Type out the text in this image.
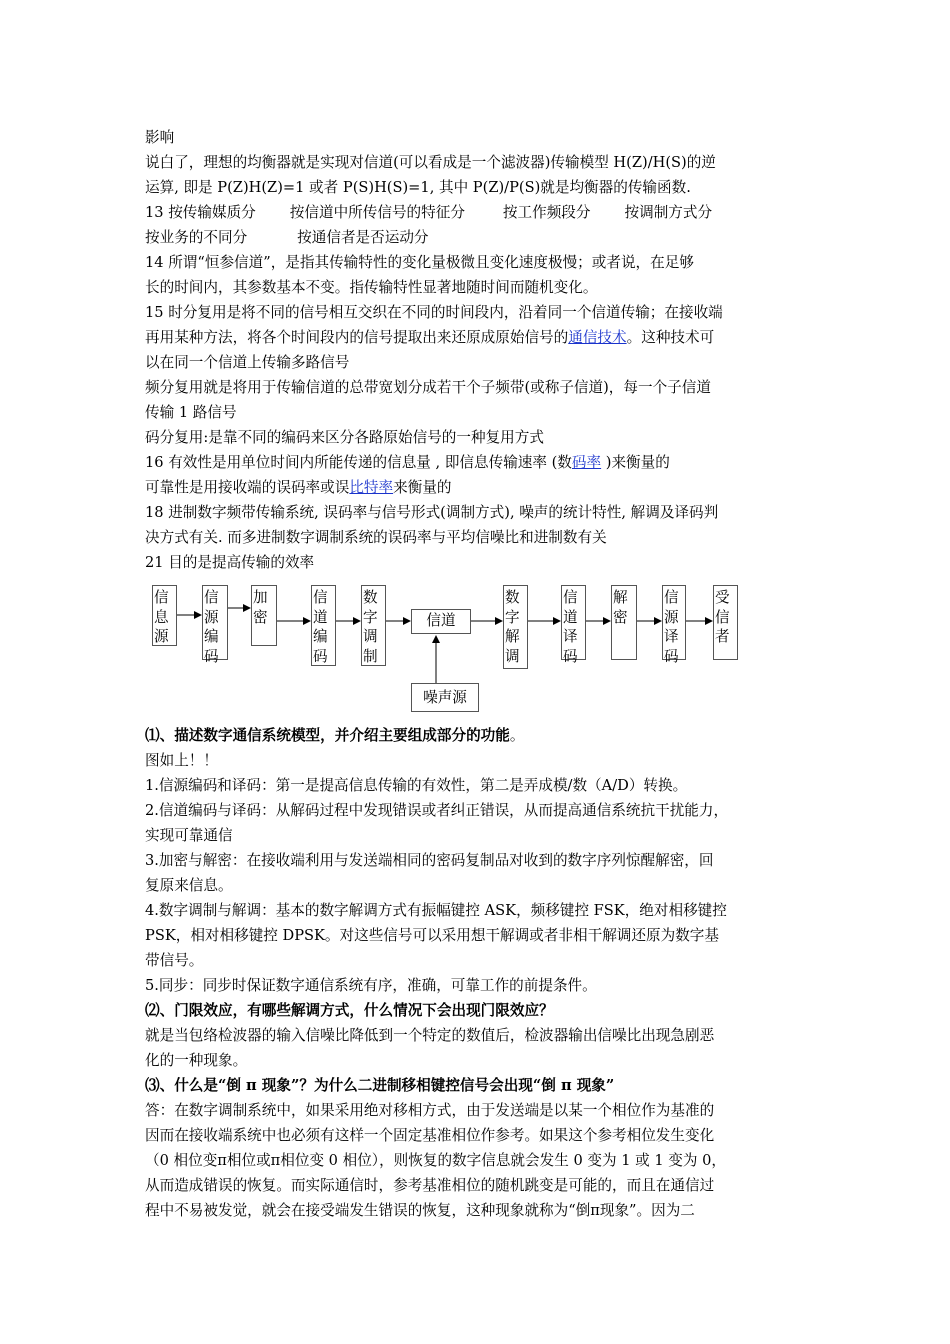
影响
说白了，理想的均衡器就是实现对信道(可以看成是一个滤波器)传输模型 H(Z)/H(S)的逆
运算, 即是 P(Z)H(Z)=1 或者 P(S)H(S)=1, 其中 P(Z)/P(S)就是均衡器的传输函数.
13 按传输媒质分 按信道中所传信号的特征分	按工作频段分 按调制方式分
按业务的不同分	按通信者是否运动分
14 所谓“恒参信道”，是指其传输特性的变化量极微且变化速度极慢；或者说，在足够
长的时间内，其参数基本不变。指传输特性显著地随时间而随机变化。
15 时分复用是将不同的信号相互交织在不同的时间段内，沿着同一个信道传输；在接收端
再用某种方法，将各个时间段内的信号提取出来还原成原始信号的通信技术。这种技术可
以在同一个信道上传输多路信号
频分复用就是将用于传输信道的总带宽划分成若干个子频带(或称子信道)，每一个子信道
传输 1 路信号
码分复用:是靠不同的编码来区分各路原始信号的一种复用方式
16 有效性是用单位时间内所能传递的信息量 , 即信息传输速率 (数码率 )来衡量的
可靠性是用接收端的误码率或误比特率来衡量的
18 进制数字频带传输系统, 误码率与信号形式(调制方式), 噪声的统计特性, 解调及译码判
决方式有关. 而多进制数字调制系统的误码率与平均信噪比和进制数有关
21 目的是提高传输的效率
信息源
信源编码
加密
信道编码
数字调制
信道
数字解调
信道译码
解密
信源译码
受信者
噪声源
⑴、描述数字通信系统模型，并介绍主要组成部分的功能。
图如上！！
1.信源编码和译码：第一是提高信息传输的有效性，第二是弄成模/数（A/D）转换。
2.信道编码与译码：从解码过程中发现错误或者纠正错误，从而提高通信系统抗干扰能力，
实现可靠通信
3.加密与解密：在接收端利用与发送端相同的密码复制品对收到的数字序列惊醒解密，回
复原来信息。
4.数字调制与解调：基本的数字解调方式有振幅键控 ASK，频移键控 FSK，绝对相移键控
PSK，相对相移键控 DPSK。对这些信号可以采用想干解调或者非相干解调还原为数字基
带信号。
5.同步：同步时保证数字通信系统有序，准确，可靠工作的前提条件。
⑵、门限效应，有哪些解调方式，什么情况下会出现门限效应？
就是当包络检波器的输入信噪比降低到一个特定的数值后，检波器输出信噪比出现急剧恶
化的一种现象。
⑶、什么是“倒 π 现象”？为什么二进制移相键控信号会出现“倒 π 现象”
答：在数字调制系统中，如果采用绝对移相方式，由于发送端是以某一个相位作为基准的
因而在接收端系统中也必须有这样一个固定基准相位作参考。如果这个参考相位发生变化
（0 相位变π相位或π相位变 0 相位），则恢复的数字信息就会发生 0 变为 1 或 1 变为 0，
从而造成错误的恢复。而实际通信时，参考基准相位的随机跳变是可能的，而且在通信过
程中不易被发觉，就会在接受端发生错误的恢复，这种现象就称为“倒π现象”。因为二
